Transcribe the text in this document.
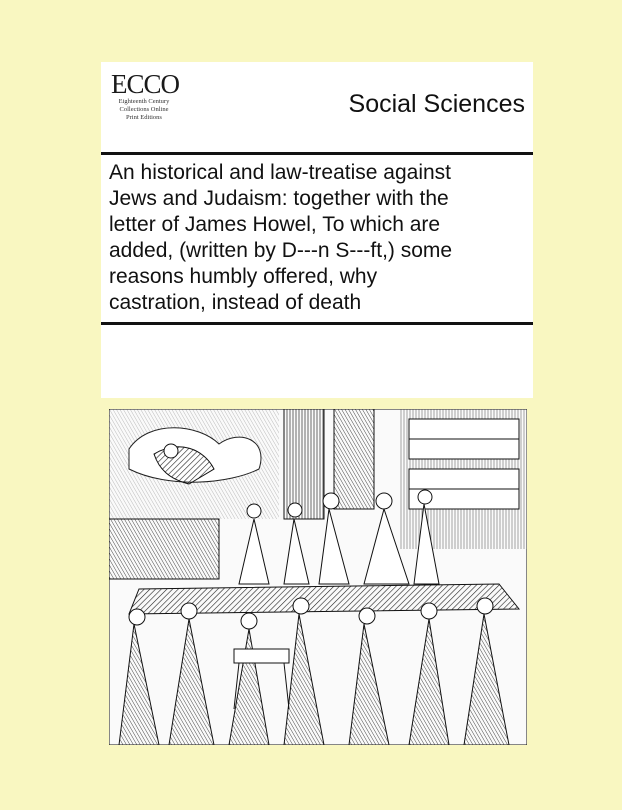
ECCO
Eighteenth Century
Collections Online
Print Editions	Social Sciences
An historical and law-treatise against
Jews and Judaism: together with the
letter of James Howel, To which are
added, (written by D---n S---ft,) some
reasons humbly offered, why
castration, instead of death
